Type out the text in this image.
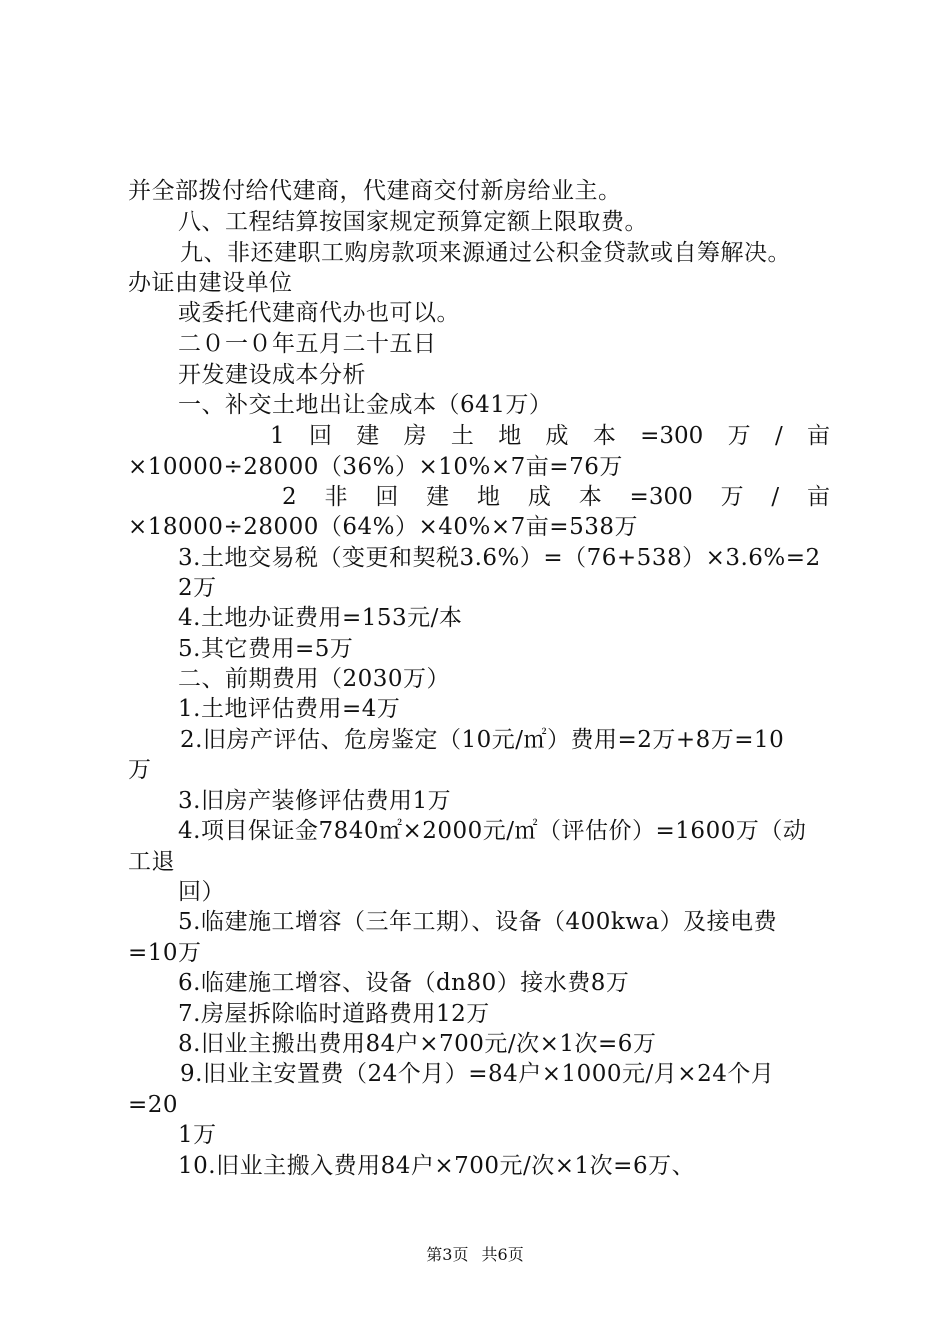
并全部拨付给代建商，代建商交付新房给业主。
八、工程结算按国家规定预算定额上限取费。
九、非还建职工购房款项来源通过公积金贷款或自筹解决。
办证由建设单位
或委托代建商代办也可以。
二０一０年五月二十五日
开发建设成本分析
一、补交土地出让金成本（641万）
1 回 建 房 土 地 成 本 =300 万 / 亩
×10000÷28000（36%）×10%×7亩=76万
2 非 回 建 地 成 本 =300 万 / 亩
×18000÷28000（64%）×40%×7亩=538万
3.土地交易税（变更和契税3.6%）=（76+538）×3.6%=2
2万
4.土地办证费用=153元/本
5.其它费用=5万
二、前期费用（2030万）
1.土地评估费用=4万
2.旧房产评估、危房鉴定（10元/㎡）费用=2万+8万=10
万
3.旧房产装修评估费用1万
4.项目保证金7840㎡×2000元/㎡（评估价）=1600万（动
工退
回）
5.临建施工增容（三年工期）、设备（400kwa）及接电费
=10万
6.临建施工增容、设备（dn80）接水费8万
7.房屋拆除临时道路费用12万
8.旧业主搬出费用84户×700元/次×1次=6万
9.旧业主安置费（24个月）=84户×1000元/月×24个月
=20
1万
10.旧业主搬入费用84户×700元/次×1次=6万、
第3页 共6页
